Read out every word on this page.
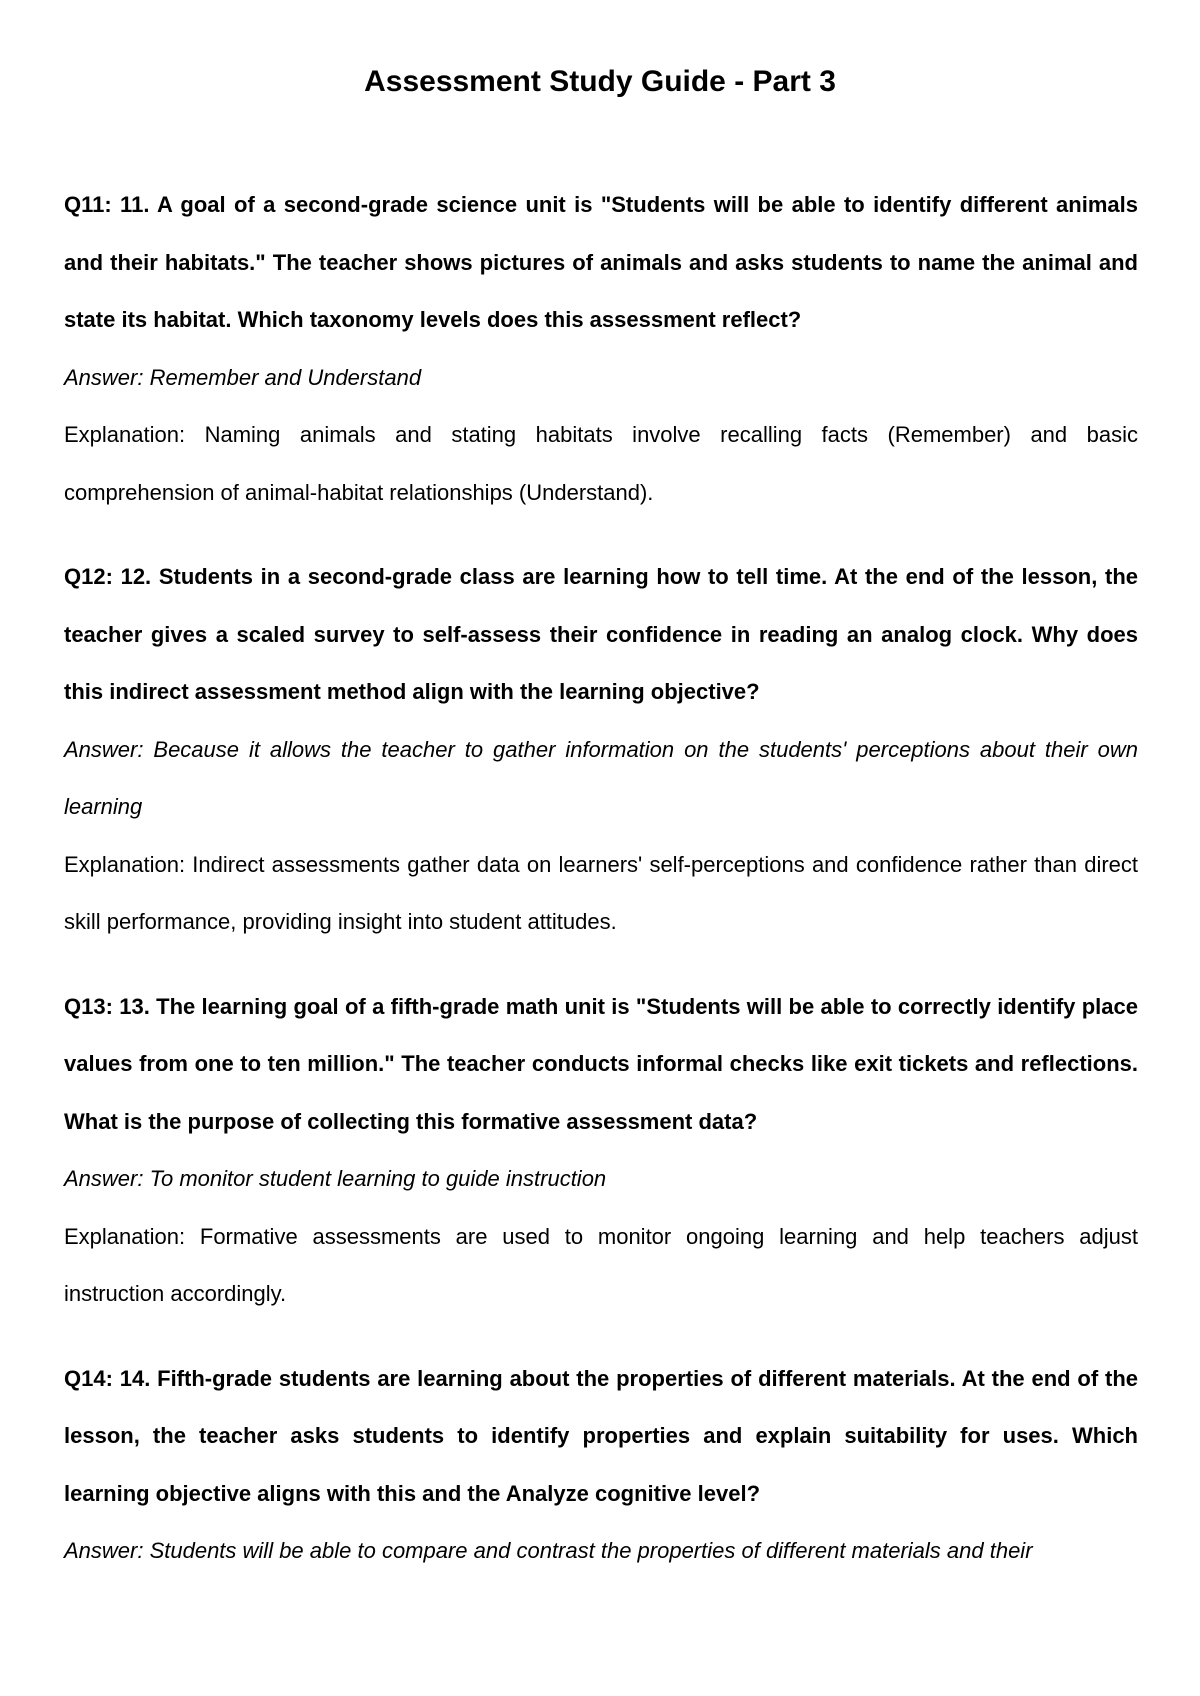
Assessment Study Guide - Part 3

Q11: 11. A goal of a second-grade science unit is "Students will be able to identify different animals and their habitats." The teacher shows pictures of animals and asks students to name the animal and state its habitat. Which taxonomy levels does this assessment reflect?

Answer: Remember and Understand

Explanation: Naming animals and stating habitats involve recalling facts (Remember) and basic comprehension of animal-habitat relationships (Understand).

Q12: 12. Students in a second-grade class are learning how to tell time. At the end of the lesson, the teacher gives a scaled survey to self-assess their confidence in reading an analog clock. Why does this indirect assessment method align with the learning objective?

Answer: Because it allows the teacher to gather information on the students' perceptions about their own learning

Explanation: Indirect assessments gather data on learners' self-perceptions and confidence rather than direct skill performance, providing insight into student attitudes.

Q13: 13. The learning goal of a fifth-grade math unit is "Students will be able to correctly identify place values from one to ten million." The teacher conducts informal checks like exit tickets and reflections. What is the purpose of collecting this formative assessment data?

Answer: To monitor student learning to guide instruction

Explanation: Formative assessments are used to monitor ongoing learning and help teachers adjust instruction accordingly.

Q14: 14. Fifth-grade students are learning about the properties of different materials. At the end of the lesson, the teacher asks students to identify properties and explain suitability for uses. Which learning objective aligns with this and the Analyze cognitive level?

Answer: Students will be able to compare and contrast the properties of different materials and their
